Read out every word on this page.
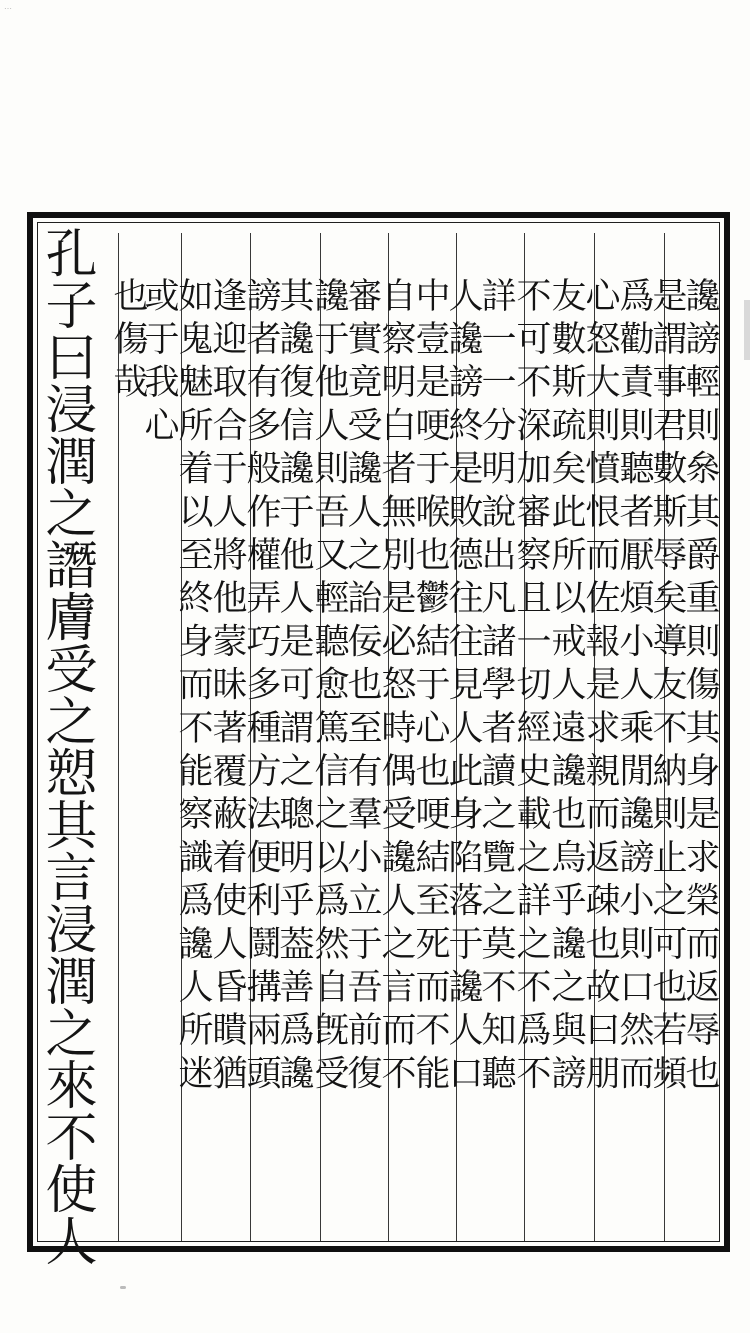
…
讒謗輕則㕘其爵重則傷其身是求榮而返辱也
是謂事君數斯辱矣導友不納則止之可也若頻
爲勸責則聽者厭煩小人乘閒讒謗小則口然而
心怒大則憤恨而佐報是求親而返疎也故曰朋
友數斯疏矣此所以戒人遠讒也烏乎讒之與謗
不可不深加審察且一切經史載之詳之不爲不
詳一一分明說出凡諸學者讀之覽之莫不知聽
人讒謗終是敗德往往見人此身陷落于讒人口
中壹是哽于喉也鬱結于心也哽結至死而不能
自察明白者無別是必怒時偶受讒人之言而不
審實竟受讒人之詒佞也至有羣小立于吾前復
讒于他人則吾又輕聽愈篤信之以爲然自旣受
其讒復信讒于他人是可謂之聰明乎葢善爲讒
謗者有多般作權弄巧多種方法便利鬪搆兩頭
逢迎取合于人將他蒙昧著覆蔽着使人昏瞶猶
如鬼魅所着以至終身而不能察識爲讒人所迷
或于我心
也傷哉
孔子曰浸潤之譖膚受之愬其言浸潤之來不使人
